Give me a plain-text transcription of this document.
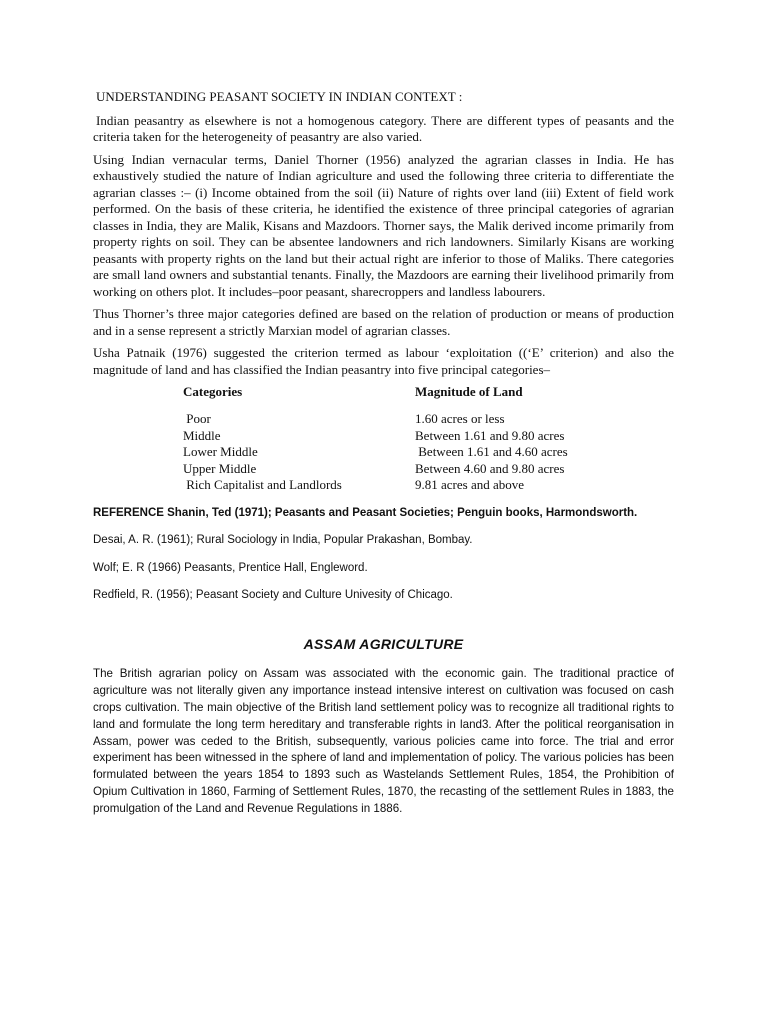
UNDERSTANDING PEASANT SOCIETY IN INDIAN CONTEXT :

Indian peasantry as elsewhere is not a homogenous category. There are different types of peasants and the criteria taken for the heterogeneity of peasantry are also varied.

Using Indian vernacular terms, Daniel Thorner (1956) analyzed the agrarian classes in India. He has exhaustively studied the nature of Indian agriculture and used the following three criteria to differentiate the agrarian classes :– (i) Income obtained from the soil (ii) Nature of rights over land (iii) Extent of field work performed. On the basis of these criteria, he identified the existence of three principal categories of agrarian classes in India, they are Malik, Kisans and Mazdoors. Thorner says, the Malik derived income primarily from property rights on soil. They can be absentee landowners and rich landowners. Similarly Kisans are working peasants with property rights on the land but their actual right are inferior to those of Maliks. There categories are small land owners and substantial tenants. Finally, the Mazdoors are earning their livelihood primarily from working on others plot. It includes–poor peasant, sharecroppers and landless labourers.

Thus Thorner’s three major categories defined are based on the relation of production or means of production and in a sense represent a strictly Marxian model of agrarian classes.

Usha Patnaik (1976) suggested the criterion termed as labour ‘exploitation ((‘E’ criterion) and also the magnitude of land and has classified the Indian peasantry into five principal categories–

Categories	Magnitude of Land
Poor	1.60 acres or less
Middle	Between 1.61 and 9.80 acres
Lower Middle	Between 1.61 and 4.60 acres
Upper Middle	Between 4.60 and 9.80 acres
Rich Capitalist and Landlords	9.81 acres and above
REFERENCE Shanin, Ted (1971); Peasants and Peasant Societies; Penguin books, Harmondsworth.
Desai, A. R. (1961); Rural Sociology in India, Popular Prakashan, Bombay.
Wolf; E. R (1966) Peasants, Prentice Hall, Engleword.
Redfield, R. (1956); Peasant Society and Culture Univesity of Chicago.
ASSAM AGRICULTURE

The British agrarian policy on Assam was associated with the economic gain. The traditional practice of agriculture was not literally given any importance instead intensive interest on cultivation was focused on cash crops cultivation. The main objective of the British land settlement policy was to recognize all traditional rights to land and formulate the long term hereditary and transferable rights in land3. After the political reorganisation in Assam, power was ceded to the British, subsequently, various policies came into force. The trial and error experiment has been witnessed in the sphere of land and implementation of policy. The various policies has been formulated between the years 1854 to 1893 such as Wastelands Settlement Rules, 1854, the Prohibition of Opium Cultivation in 1860, Farming of Settlement Rules, 1870, the recasting of the settlement Rules in 1883, the promulgation of the Land and Revenue Regulations in 1886.
